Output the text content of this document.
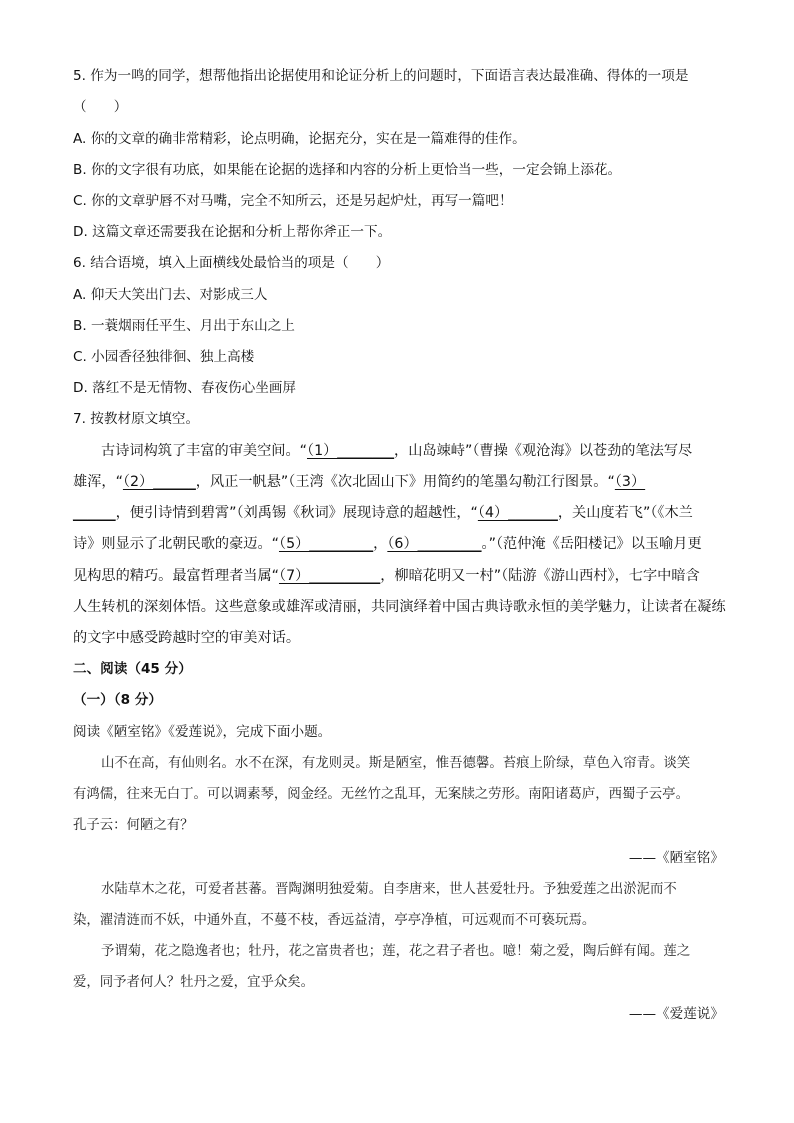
5. 作为一鸣的同学，想帮他指出论据使用和论证分析上的问题时，下面语言表达最准确、得体的一项是
（　　）
A. 你的文章的确非常精彩，论点明确，论据充分，实在是一篇难得的佳作。
B. 你的文字很有功底，如果能在论据的选择和内容的分析上更恰当一些，一定会锦上添花。
C. 你的文章驴唇不对马嘴，完全不知所云，还是另起炉灶，再写一篇吧！
D. 这篇文章还需要我在论据和分析上帮你斧正一下。
6. 结合语境，填入上面横线处最恰当的项是（　　）
A. 仰天大笑出门去、对影成三人
B. 一蓑烟雨任平生、月出于东山之上
C. 小园香径独徘徊、独上高楼
D. 落红不是无情物、春夜伤心坐画屏
7. 按教材原文填空。
古诗词构筑了丰富的审美空间。“（1）________，山岛竦峙”（曹操《观沧海》以苍劲的笔法写尽
雄浑，“（2）______，风正一帆悬”（王湾《次北固山下》用简约的笔墨勾勒江行图景。“（3）
______，便引诗情到碧霄”（刘禹锡《秋词》展现诗意的超越性，“（4）_______，关山度若飞”（《木兰
诗》则显示了北朝民歌的豪迈。“（5）_________，（6）_________。”（范仲淹《岳阳楼记》以玉喻月更
见构思的精巧。最富哲理者当属“（7）__________，柳暗花明又一村”（陆游《游山西村》，七字中暗含
人生转机的深刻体悟。这些意象或雄浑或清丽，共同演绎着中国古典诗歌永恒的美学魅力，让读者在凝练
的文字中感受跨越时空的审美对话。
二、阅读（45 分）
（一）（8 分）
阅读《陋室铭》《爱莲说》，完成下面小题。
山不在高，有仙则名。水不在深，有龙则灵。斯是陋室，惟吾德馨。苔痕上阶绿，草色入帘青。谈笑
有鸿儒，往来无白丁。可以调素琴，阅金经。无丝竹之乱耳，无案牍之劳形。南阳诸葛庐，西蜀子云亭。
孔子云：何陋之有？
——《陋室铭》
水陆草木之花，可爱者甚蕃。晋陶渊明独爱菊。自李唐来，世人甚爱牡丹。予独爱莲之出淤泥而不
染，濯清涟而不妖，中通外直，不蔓不枝，香远益清，亭亭净植，可远观而不可亵玩焉。
予谓菊，花之隐逸者也；牡丹，花之富贵者也；莲，花之君子者也。噫！菊之爱，陶后鲜有闻。莲之
爱，同予者何人？牡丹之爱，宜乎众矣。
——《爱莲说》
